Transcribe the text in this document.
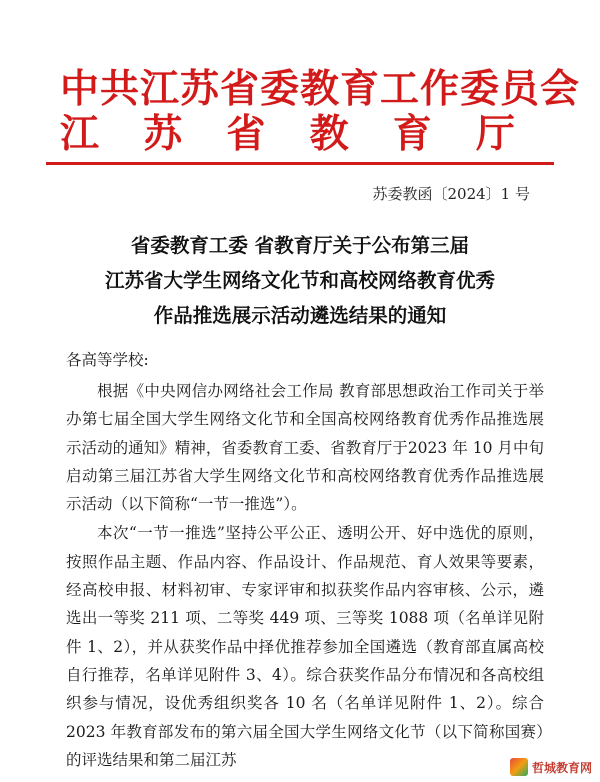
中共江苏省委教育工作委员会
江 苏 省 教 育 厅
苏委教函〔2024〕1 号
省委教育工委 省教育厅关于公布第三届
江苏省大学生网络文化节和高校网络教育优秀
作品推选展示活动遴选结果的通知
各高等学校:

根据《中央网信办网络社会工作局 教育部思想政治工作司关于举办第七届全国大学生网络文化节和全国高校网络教育优秀作品推选展示活动的通知》精神，省委教育工委、省教育厅于2023 年 10 月中旬启动第三届江苏省大学生网络文化节和高校网络教育优秀作品推选展示活动（以下简称“一节一推选”）。

本次“一节一推选”坚持公平公正、透明公开、好中选优的原则，按照作品主题、作品内容、作品设计、作品规范、育人效果等要素，经高校申报、材料初审、专家评审和拟获奖作品内容审核、公示，遴选出一等奖 211 项、二等奖 449 项、三等奖 1088 项（名单详见附件 1、2），并从获奖作品中择优推荐参加全国遴选（教育部直属高校自行推荐，名单详见附件 3、4）。综合获奖作品分布情况和各高校组织参与情况，设优秀组织奖各 10 名（名单详见附件 1、2）。综合 2023 年教育部发布的第六届全国大学生网络文化节（以下简称国赛）的评选结果和第二届江苏	哲城教育网
